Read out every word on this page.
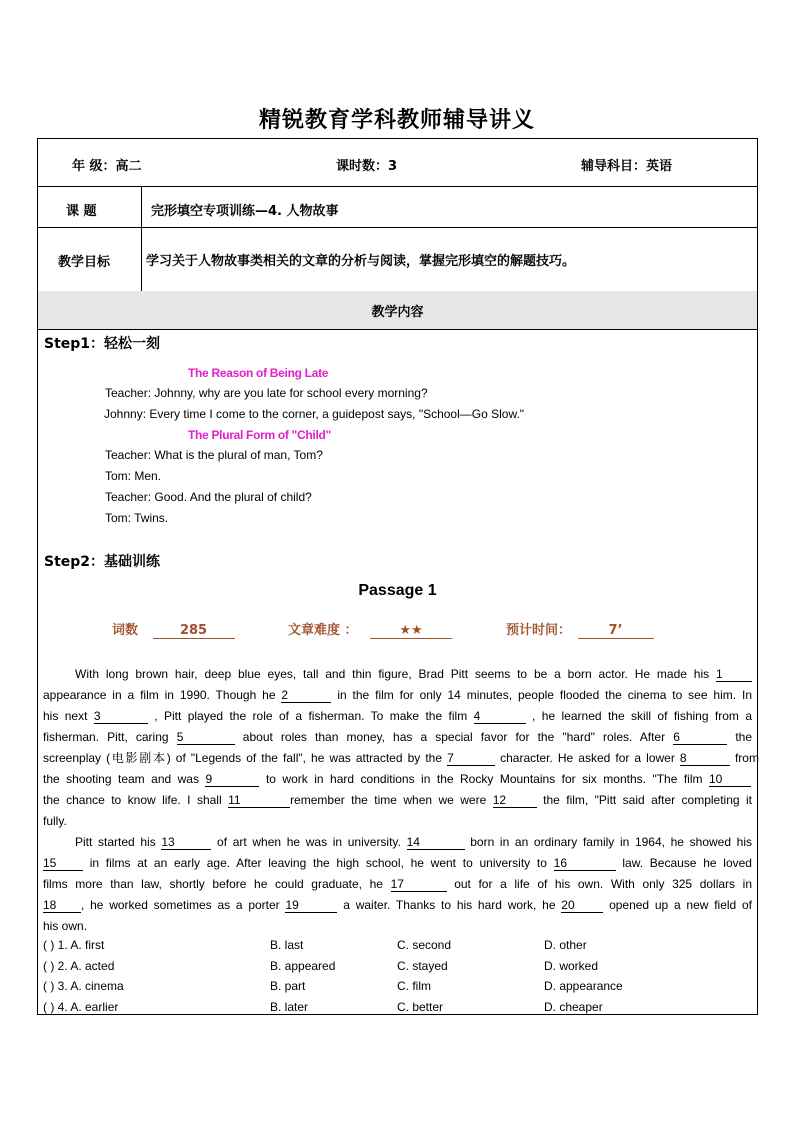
精锐教育学科教师辅导讲义
年 级：高二	课时数：3	辅导科目：英语
课 题	完形填空专项训练—4. 人物故事
教学目标	学习关于人物故事类相关的文章的分析与阅读，掌握完形填空的解题技巧。
教学内容
Step1：轻松一刻
The Reason of Being Late
Teacher: Johnny, why are you late for school every morning?
Johnny: Every time I come to the corner, a guidepost says, "School—Go Slow."
The Plural Form of "Child"
Teacher: What is the plural of man, Tom?
Tom: Men.
Teacher: Good. And the plural of child?
Tom: Twins.
Step2：基础训练
Passage 1
词数	285	文章难度 ：	★★	预计时间：	7’
With long brown hair, deep blue eyes, tall and thin figure, Brad Pitt seems to be a born actor. He made his 1
appearance in a film in 1990. Though he 2	in the film for only 14 minutes, people flooded the cinema to see him. In
his next 3	, Pitt played the role of a fisherman. To make the film 4	, he learned the skill of fishing from a
fisherman. Pitt, caring 5	about roles than money, has a special favor for the "hard" roles. After 6	the
screenplay (电影剧本) of "Legends of the fall", he was attracted by the 7	character. He asked for a lower 8	from
the shooting team and was 9	to work in hard conditions in the Rocky Mountains for six months. "The film 10
the chance to know life. I shall 11	remember the time when we were 12	the film, "Pitt said after completing it
fully.
Pitt started his 13	of art when he was in university. 14	born in an ordinary family in 1964, he showed his
15	in films at an early age. After leaving the high school, he went to university to 16	law. Because he loved
films more than law, shortly before he could graduate, he 17	out for a life of his own. With only 325 dollars in
18 , he worked sometimes as a porter 19	a waiter. Thanks to his hard work, he 20	opened up a new field of
his own.
( ) 1. A. first	B. last	C. second	D. other
( ) 2. A. acted	B. appeared	C. stayed	D. worked
( ) 3. A. cinema	B. part	C. film	D. appearance
( ) 4. A. earlier	B. later	C. better	D. cheaper
